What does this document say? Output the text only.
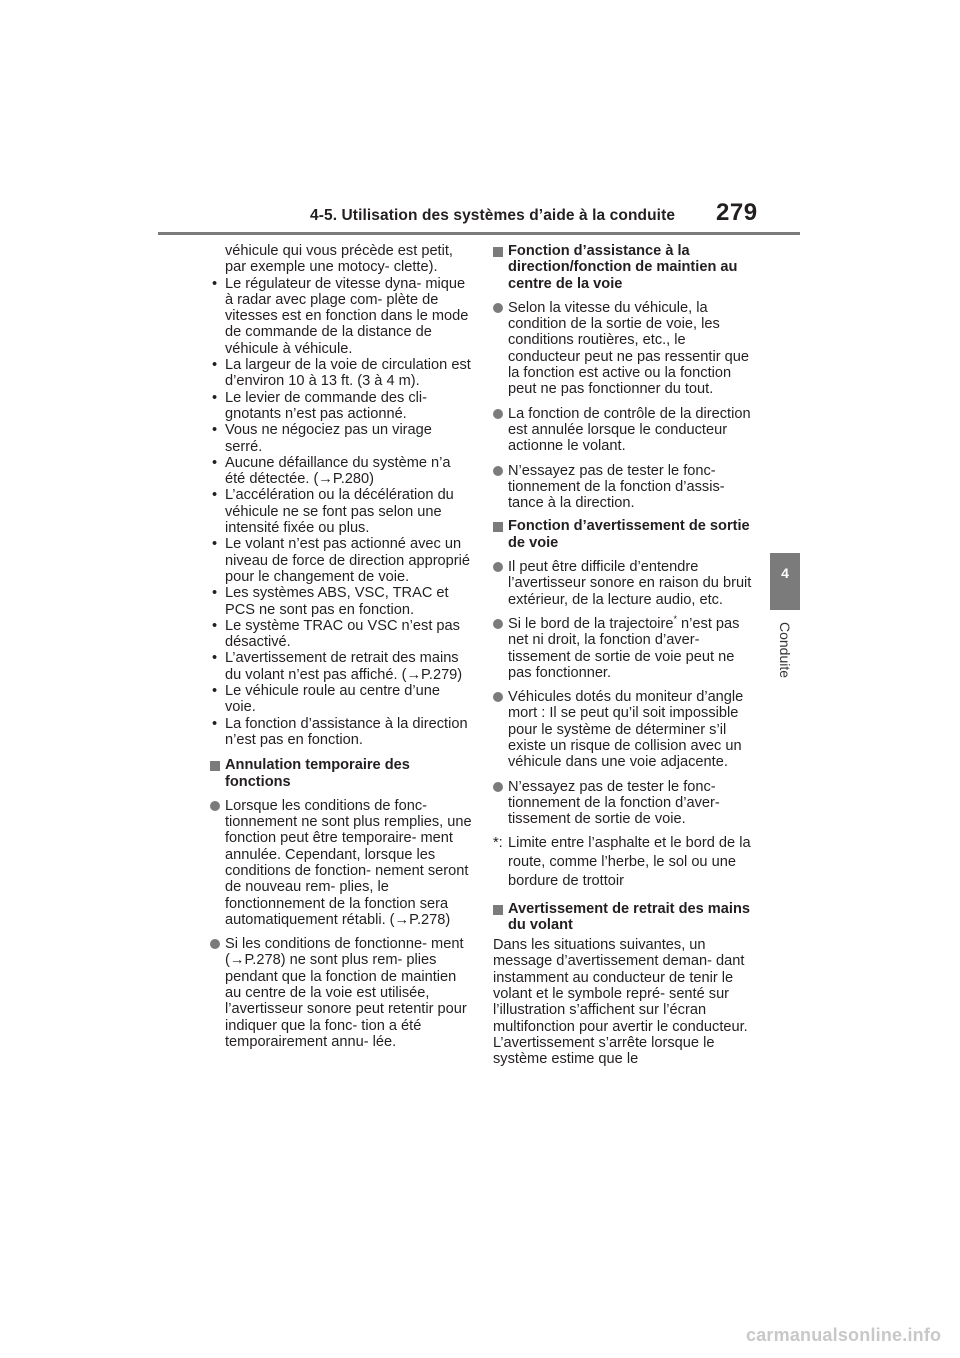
4-5. Utilisation des systèmes d’aide à la conduite 279
4
Conduite
véhicule qui vous précède est petit, par exemple une motocy- clette).
• Le régulateur de vitesse dyna- mique à radar avec plage com- plète de vitesses est en fonction dans le mode de commande de la distance de véhicule à véhicule.
• La largeur de la voie de circulation est d’environ 10 à 13 ft. (3 à 4 m).
• Le levier de commande des cli- gnotants n’est pas actionné.
• Vous ne négociez pas un virage serré.
• Aucune défaillance du système n’a été détectée. (→P.280)
• L’accélération ou la décélération du véhicule ne se font pas selon une intensité fixée ou plus.
• Le volant n’est pas actionné avec un niveau de force de direction approprié pour le changement de voie.
• Les systèmes ABS, VSC, TRAC et PCS ne sont pas en fonction.
• Le système TRAC ou VSC n’est pas désactivé.
• L’avertissement de retrait des mains du volant n’est pas affiché. (→P.279)
• Le véhicule roule au centre d’une voie.
• La fonction d’assistance à la direction n’est pas en fonction.
Annulation temporaire des fonctions
Lorsque les conditions de fonc- tionnement ne sont plus remplies, une fonction peut être temporaire- ment annulée. Cependant, lorsque les conditions de fonction- nement seront de nouveau rem- plies, le fonctionnement de la fonction sera automatiquement rétabli. (→P.278)
Si les conditions de fonctionne- ment (→P.278) ne sont plus rem- plies pendant que la fonction de maintien au centre de la voie est utilisée, l’avertisseur sonore peut retentir pour indiquer que la fonc- tion a été temporairement annu- lée.
Fonction d’assistance à la direction/fonction de maintien au centre de la voie
Selon la vitesse du véhicule, la condition de la sortie de voie, les conditions routières, etc., le conducteur peut ne pas ressentir que la fonction est active ou la fonction peut ne pas fonctionner du tout.
La fonction de contrôle de la direction est annulée lorsque le conducteur actionne le volant.
N’essayez pas de tester le fonc- tionnement de la fonction d’assis- tance à la direction.
Fonction d’avertissement de sortie de voie
Il peut être difficile d’entendre l’avertisseur sonore en raison du bruit extérieur, de la lecture audio, etc.
Si le bord de la trajectoire* n’est pas net ni droit, la fonction d’aver- tissement de sortie de voie peut ne pas fonctionner.
Véhicules dotés du moniteur d’angle mort : Il se peut qu’il soit impossible pour le système de déterminer s’il existe un risque de collision avec un véhicule dans une voie adjacente.
N’essayez pas de tester le fonc- tionnement de la fonction d’aver- tissement de sortie de voie.
*: Limite entre l’asphalte et le bord de la route, comme l’herbe, le sol ou une bordure de trottoir
Avertissement de retrait des mains du volant
Dans les situations suivantes, un message d’avertissement deman- dant instamment au conducteur de tenir le volant et le symbole repré- senté sur l’illustration s’affichent sur l’écran multifonction pour avertir le conducteur. L’avertissement s’arrête lorsque le système estime que le
carmanualsonline.info
